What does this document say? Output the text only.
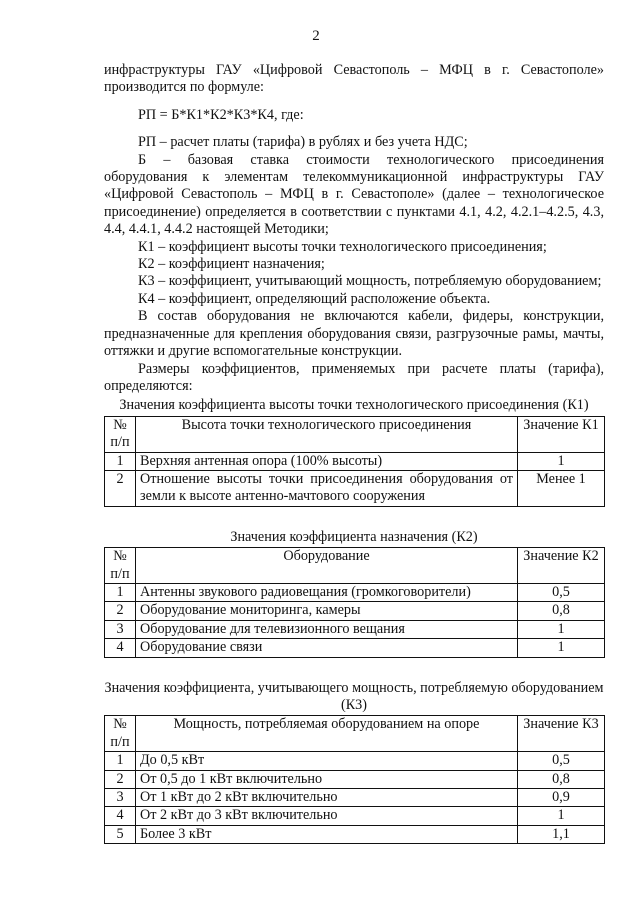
2

инфраструктуры ГАУ «Цифровой Севастополь – МФЦ в г. Севастополе» производится по формуле:

РП = Б*К1*К2*К3*К4, где:

РП – расчет платы (тарифа) в рублях и без учета НДС;

Б – базовая ставка стоимости технологического присоединения оборудования к элементам телекоммуникационной инфраструктуры ГАУ «Цифровой Севастополь – МФЦ в г. Севастополе» (далее – технологическое присоединение) определяется в соответствии с пунктами 4.1, 4.2, 4.2.1–4.2.5, 4.3, 4.4, 4.4.1, 4.4.2 настоящей Методики;

К1 – коэффициент высоты точки технологического присоединения;

К2 – коэффициент назначения;

К3 – коэффициент, учитывающий мощность, потребляемую оборудованием;

К4 – коэффициент, определяющий расположение объекта.

В состав оборудования не включаются кабели, фидеры, конструкции, предназначенные для крепления оборудования связи, разгрузочные рамы, мачты, оттяжки и другие вспомогательные конструкции.

Размеры коэффициентов, применяемых при расчете платы (тарифа), определяются:

Значения коэффициента высоты точки технологического присоединения (К1)

№ п/п	Высота точки технологического присоединения	Значение К1
1	Верхняя антенная опора (100% высоты)	1
2	Отношение высоты точки присоединения оборудования от земли к высоте антенно-мачтового сооружения	Менее 1

Значения коэффициента назначения (К2)

№ п/п	Оборудование	Значение К2
1	Антенны звукового радиовещания (громкоговорители)	0,5
2	Оборудование мониторинга, камеры	0,8
3	Оборудование для телевизионного вещания	1
4	Оборудование связи	1

Значения коэффициента, учитывающего мощность, потребляемую оборудованием (К3)

№ п/п	Мощность, потребляемая оборудованием на опоре	Значение К3
1	До 0,5 кВт	0,5
2	От 0,5 до 1 кВт включительно	0,8
3	От 1 кВт до 2 кВт включительно	0,9
4	От 2 кВт до 3 кВт включительно	1
5	Более 3 кВт	1,1
